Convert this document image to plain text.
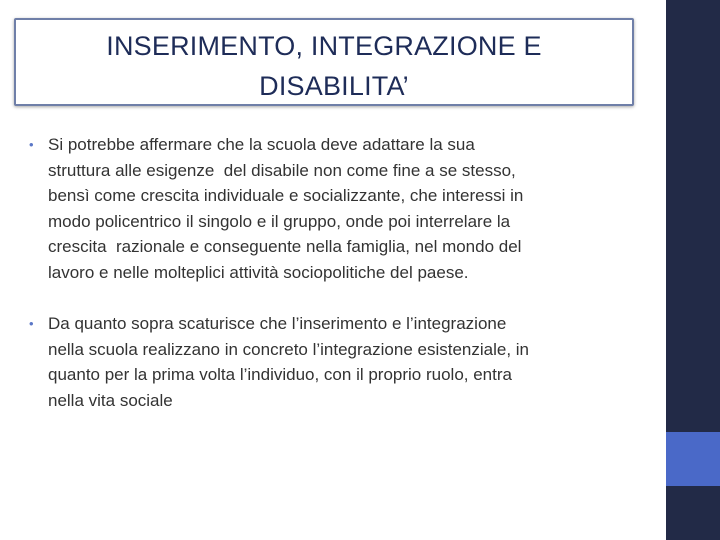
INSERIMENTO, INTEGRAZIONE E
DISABILITA’
• Si potrebbe affermare che la scuola deve adattare la sua
struttura alle esigenze  del disabile non come fine a se stesso,
bensì come crescita individuale e socializzante, che interessi in
modo policentrico il singolo e il gruppo, onde poi interrelare la
crescita  razionale e conseguente nella famiglia, nel mondo del
lavoro e nelle molteplici attività sociopolitiche del paese.
• Da quanto sopra scaturisce che l’inserimento e l’integrazione
nella scuola realizzano in concreto l’integrazione esistenziale, in
quanto per la prima volta l’individuo, con il proprio ruolo, entra
nella vita sociale
